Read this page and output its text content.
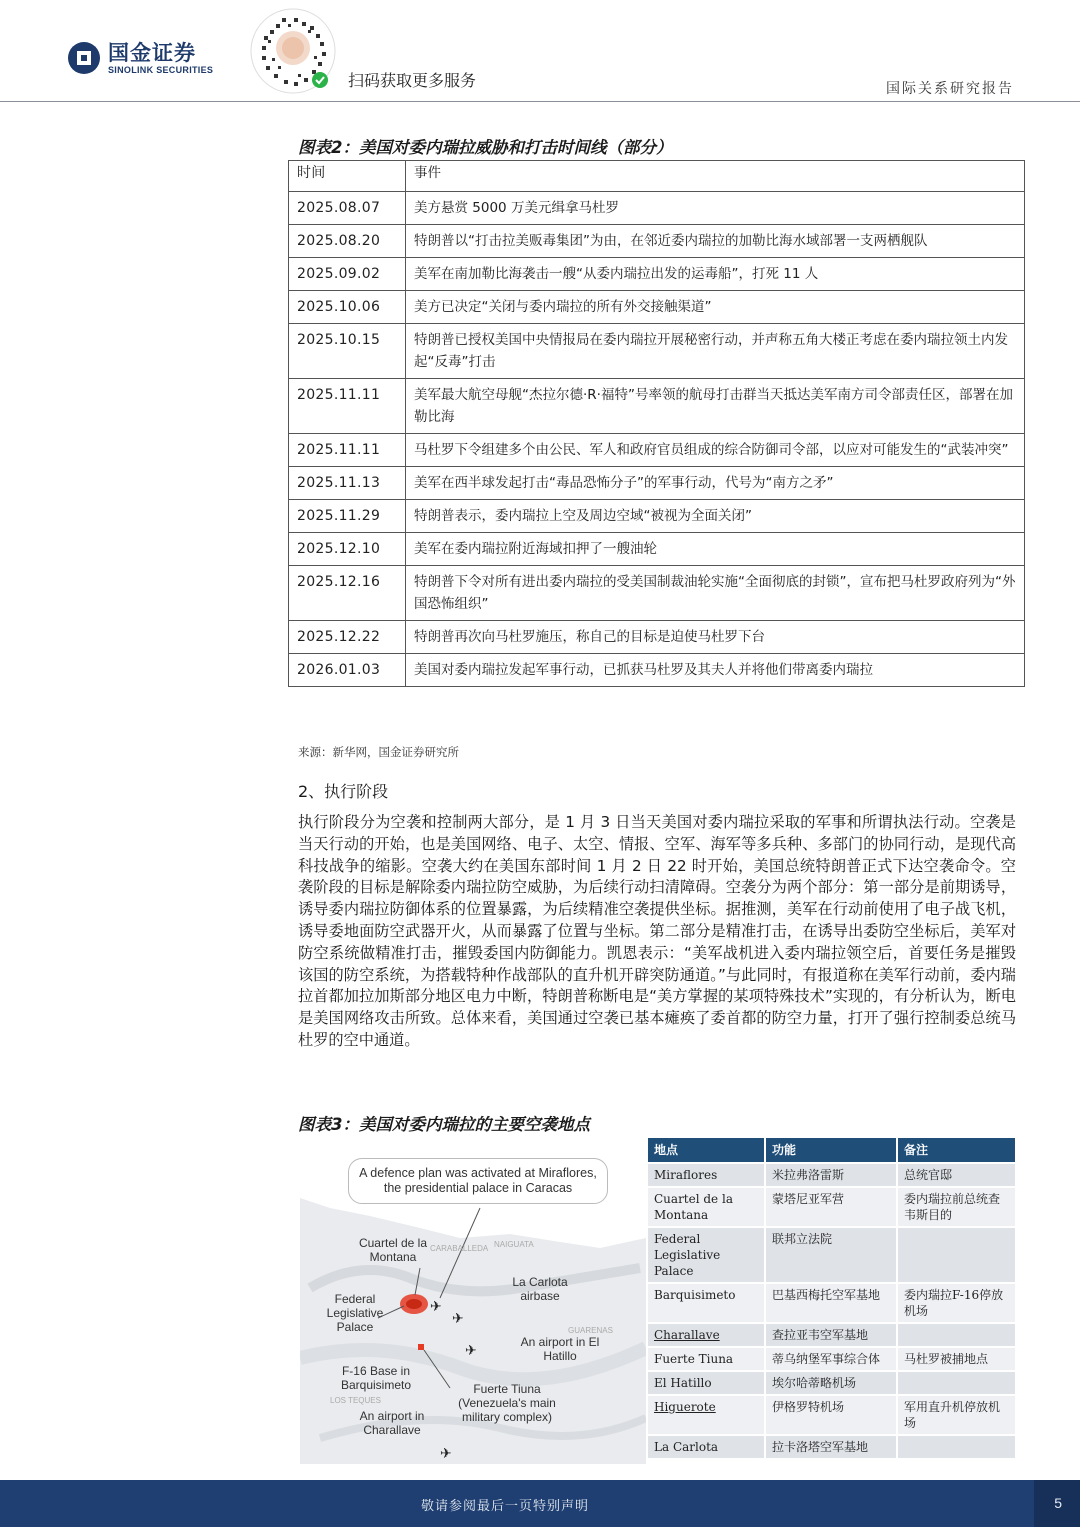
国金证券
SINOLINK SECURITIES
扫码获取更多服务	国际关系研究报告
图表2：美国对委内瑞拉威胁和打击时间线（部分）
时间	事件
2025.08.07	美方悬赏 5000 万美元缉拿马杜罗
2025.08.20	特朗普以“打击拉美贩毒集团”为由，在邻近委内瑞拉的加勒比海水域部署一支两栖舰队
2025.09.02	美军在南加勒比海袭击一艘“从委内瑞拉出发的运毒船”，打死 11 人
2025.10.06	美方已决定“关闭与委内瑞拉的所有外交接触渠道”
2025.10.15	特朗普已授权美国中央情报局在委内瑞拉开展秘密行动，并声称五角大楼正考虑在委内瑞拉领土内发起“反毒”打击
2025.11.11	美军最大航空母舰“杰拉尔德·R·福特”号率领的航母打击群当天抵达美军南方司令部责任区，部署在加勒比海
2025.11.11	马杜罗下令组建多个由公民、军人和政府官员组成的综合防御司令部，以应对可能发生的“武装冲突”
2025.11.13	美军在西半球发起打击“毒品恐怖分子”的军事行动，代号为“南方之矛”
2025.11.29	特朗普表示，委内瑞拉上空及周边空域“被视为全面关闭”
2025.12.10	美军在委内瑞拉附近海域扣押了一艘油轮
2025.12.16	特朗普下令对所有进出委内瑞拉的受美国制裁油轮实施“全面彻底的封锁”，宣布把马杜罗政府列为“外国恐怖组织”
2025.12.22	特朗普再次向马杜罗施压，称自己的目标是迫使马杜罗下台
2026.01.03	美国对委内瑞拉发起军事行动，已抓获马杜罗及其夫人并将他们带离委内瑞拉
来源：新华网，国金证券研究所
2、执行阶段
执行阶段分为空袭和控制两大部分，是 1 月 3 日当天美国对委内瑞拉采取的军事和所谓执法行动。空袭是当天行动的开始，也是美国网络、电子、太空、情报、空军、海军等多兵种、多部门的协同行动，是现代高科技战争的缩影。空袭大约在美国东部时间 1 月 2 日 22 时开始，美国总统特朗普正式下达空袭命令。空袭阶段的目标是解除委内瑞拉防空威胁，为后续行动扫清障碍。空袭分为两个部分：第一部分是前期诱导，诱导委内瑞拉防御体系的位置暴露，为后续精准空袭提供坐标。据推测，美军在行动前使用了电子战飞机，诱导委地面防空武器开火，从而暴露了位置与坐标。第二部分是精准打击，在诱导出委防空坐标后，美军对防空系统做精准打击，摧毁委国内防御能力。凯恩表示：“美军战机进入委内瑞拉领空后，首要任务是摧毁该国的防空系统，为搭载特种作战部队的直升机开辟突防通道。”与此同时，有报道称在美军行动前，委内瑞拉首都加拉加斯部分地区电力中断，特朗普称断电是“美方掌握的某项特殊技术”实现的，有分析认为，断电是美国网络攻击所致。总体来看，美国通过空袭已基本瘫痪了委首都的防空力量，打开了强行控制委总统马杜罗的空中通道。
图表3：美国对委内瑞拉的主要空袭地点
✈
✈
✈
✈
A defence plan was activated at Miraflores, the presidential palace in Caracas
Cuartel de la Montana
CARABALLEDA NAIGUATA
Federal Legislative Palace
La Carlota airbase
GUARENAS
An airport in El Hatillo
F-16 Base in Barquisimeto
LOS TEQUES
Fuerte Tiuna (Venezuela's main military complex)
An airport in Charallave
地点	功能	备注
Miraflores	米拉弗洛雷斯	总统官邸
Cuartel de la Montana	蒙塔尼亚军营	委内瑞拉前总统查韦斯目的
Federal Legislative Palace	联邦立法院	
Barquisimeto	巴基西梅托空军基地	委内瑞拉F-16停放机场
Charallave	查拉亚韦空军基地	
Fuerte Tiuna	蒂乌纳堡军事综合体	马杜罗被捕地点
El Hatillo	埃尔哈蒂略机场	
Higuerote	伊格罗特机场	军用直升机停放机场
La Carlota	拉卡洛塔空军基地	
敬请参阅最后一页特别声明	5
